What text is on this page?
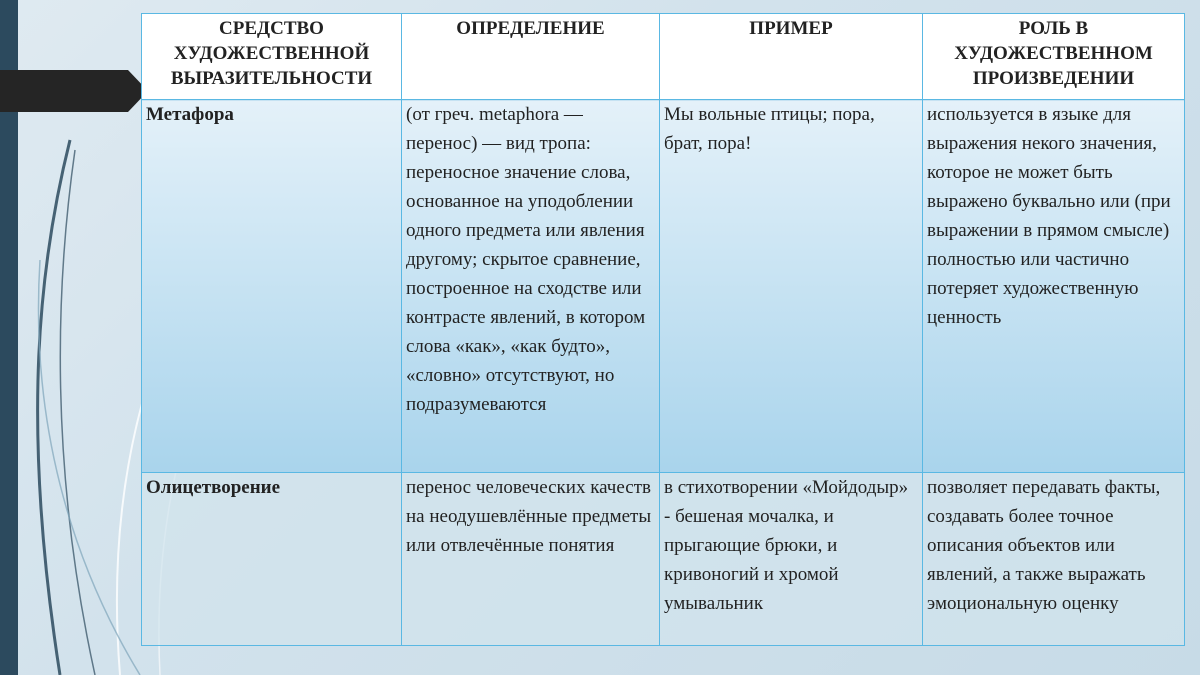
СРЕДСТВО ХУДОЖЕСТВЕННОЙ ВЫРАЗИТЕЛЬНОСТИ	ОПРЕДЕЛЕНИЕ	ПРИМЕР	РОЛЬ В ХУДОЖЕСТВЕННОМ ПРОИЗВЕДЕНИИ
Метафора	(от греч. metaphora — перенос) — вид тропа: переносное значение слова, основанное на уподоблении одного предмета или явления другому; скрытое сравнение, построенное на сходстве или контрасте явлений, в котором слова «как», «как будто», «словно» отсутствуют, но подразумеваются	Мы вольные птицы; пора, брат, пора!	используется в языке для выражения некого значения, которое не может быть выражено буквально или (при выражении в прямом смысле) полностью или частично потеряет художественную ценность
Олицетворение	перенос человеческих качеств на неодушевлённые предметы или отвлечённые понятия	в стихотворении «Мойдодыр» - бешеная мочалка, и прыгающие брюки, и кривоногий и хромой умывальник	позволяет передавать факты, создавать более точное описания объектов или явлений, а также выражать эмоциональную оценку
